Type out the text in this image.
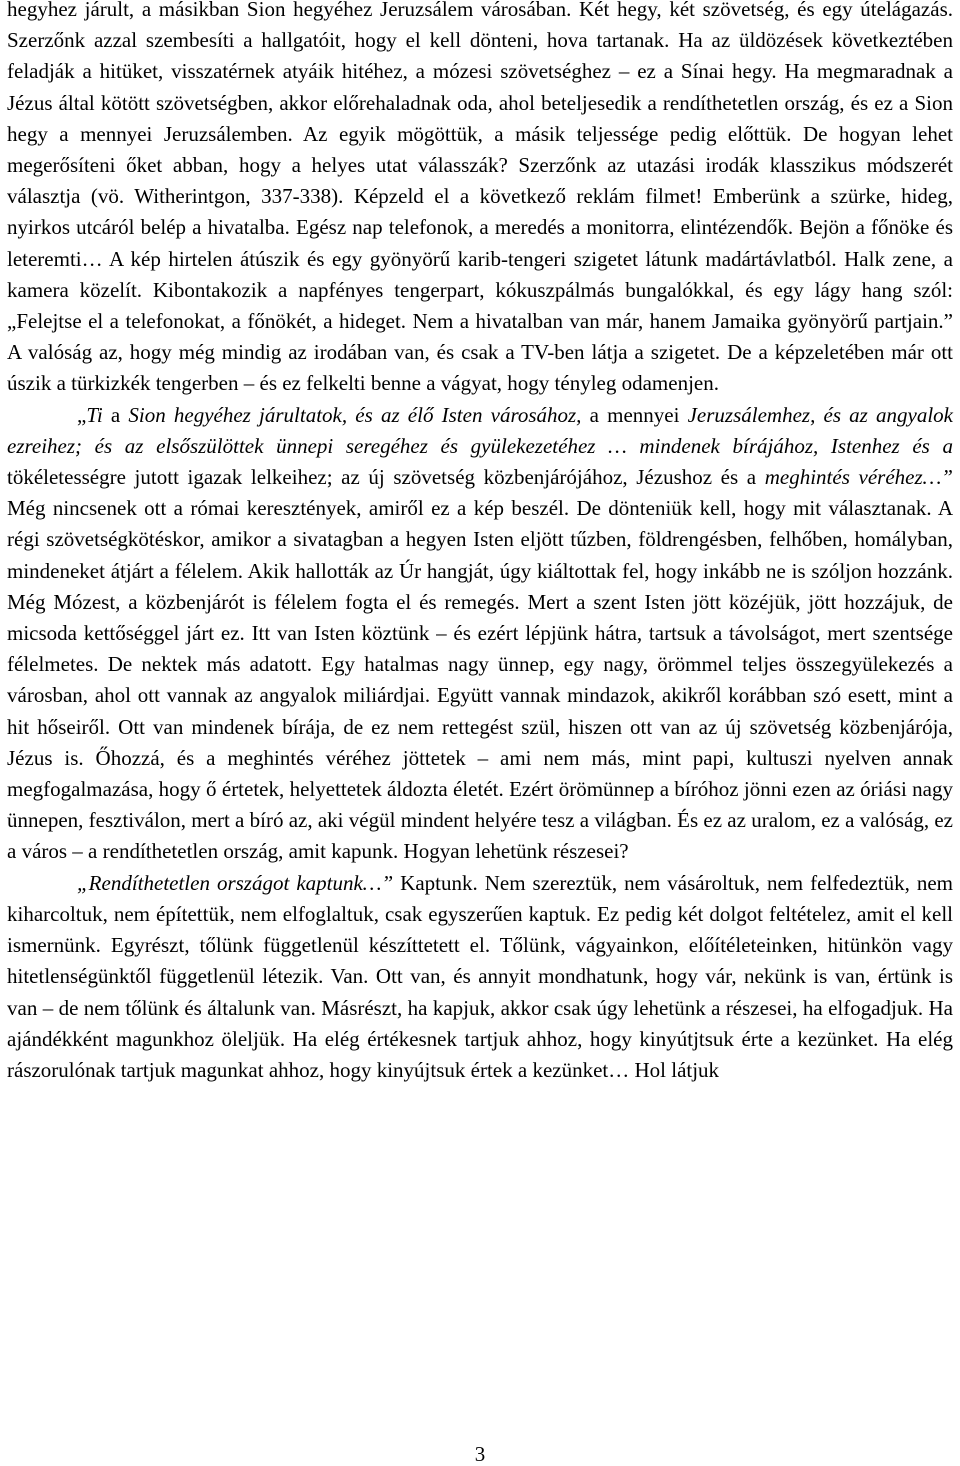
hegyhez járult, a másikban Sion hegyéhez Jeruzsálem városában. Két hegy, két szövetség, és egy útelágazás. Szerzőnk azzal szembesíti a hallgatóit, hogy el kell dönteni, hova tartanak. Ha az üldözések következtében feladják a hitüket, visszatérnek atyáik hitéhez, a mózesi szövetséghez – ez a Sínai hegy. Ha megmaradnak a Jézus által kötött szövetségben, akkor előrehaladnak oda, ahol beteljesedik a rendíthetetlen ország, és ez a Sion hegy a mennyei Jeruzsálemben. Az egyik mögöttük, a másik teljessége pedig előttük. De hogyan lehet megerősíteni őket abban, hogy a helyes utat válasszák? Szerzőnk az utazási irodák klasszikus módszerét választja (vö. Witherintgon, 337-338). Képzeld el a következő reklám filmet! Emberünk a szürke, hideg, nyirkos utcáról belép a hivatalba. Egész nap telefonok, a meredés a monitorra, elintézendők. Bejön a főnöke és leteremti… A kép hirtelen átúszik és egy gyönyörű karib-tengeri szigetet látunk madártávlatból. Halk zene, a kamera közelít. Kibontakozik a napfényes tengerpart, kókuszpálmás bungalókkal, és egy lágy hang szól: „Felejtse el a telefonokat, a főnökét, a hideget. Nem a hivatalban van már, hanem Jamaika gyönyörű partjain.” A valóság az, hogy még mindig az irodában van, és csak a TV-ben látja a szigetet. De a képzeletében már ott úszik a türkizkék tengerben – és ez felkelti benne a vágyat, hogy tényleg odamenjen.

„Ti a Sion hegyéhez járultatok, és az élő Isten városához, a mennyei Jeruzsálemhez, és az angyalok ezreihez; és az elsőszülöttek ünnepi seregéhez és gyülekezetéhez … mindenek bírájához, Istenhez és a tökéletességre jutott igazak lelkeihez; az új szövetség közbenjárójához, Jézushoz és a meghintés véréhez…” Még nincsenek ott a római keresztények, amiről ez a kép beszél. De dönteniük kell, hogy mit választanak. A régi szövetségkötéskor, amikor a sivatagban a hegyen Isten eljött tűzben, földrengésben, felhőben, homályban, mindeneket átjárt a félelem. Akik hallották az Úr hangját, úgy kiáltottak fel, hogy inkább ne is szóljon hozzánk. Még Mózest, a közbenjárót is félelem fogta el és remegés. Mert a szent Isten jött közéjük, jött hozzájuk, de micsoda kettőséggel járt ez. Itt van Isten köztünk – és ezért lépjünk hátra, tartsuk a távolságot, mert szentsége félelmetes. De nektek más adatott. Egy hatalmas nagy ünnep, egy nagy, örömmel teljes összegyülekezés a városban, ahol ott vannak az angyalok miliárdjai. Együtt vannak mindazok, akikről korábban szó esett, mint a hit hőseiről. Ott van mindenek bírája, de ez nem rettegést szül, hiszen ott van az új szövetség közbenjárója, Jézus is. Őhozzá, és a meghintés véréhez jöttetek – ami nem más, mint papi, kultuszi nyelven annak megfogalmazása, hogy ő értetek, helyettetek áldozta életét. Ezért örömünnep a bíróhoz jönni ezen az óriási nagy ünnepen, fesztiválon, mert a bíró az, aki végül mindent helyére tesz a világban. És ez az uralom, ez a valóság, ez a város – a rendíthetetlen ország, amit kapunk. Hogyan lehetünk részesei?

„Rendíthetetlen országot kaptunk…” Kaptunk. Nem szereztük, nem vásároltuk, nem felfedeztük, nem kiharcoltuk, nem építettük, nem elfoglaltuk, csak egyszerűen kaptuk. Ez pedig két dolgot feltételez, amit el kell ismernünk. Egyrészt, tőlünk függetlenül készíttetett el. Tőlünk, vágyainkon, előítéleteinken, hitünkön vagy hitetlenségünktől függetlenül létezik. Van. Ott van, és annyit mondhatunk, hogy vár, nekünk is van, értünk is van – de nem tőlünk és általunk van. Másrészt, ha kapjuk, akkor csak úgy lehetünk a részesei, ha elfogadjuk. Ha ajándékként magunkhoz öleljük. Ha elég értékesnek tartjuk ahhoz, hogy kinyútjtsuk érte a kezünket. Ha elég rászorulónak tartjuk magunkat ahhoz, hogy kinyújtsuk értek a kezünket… Hol látjuk

3
